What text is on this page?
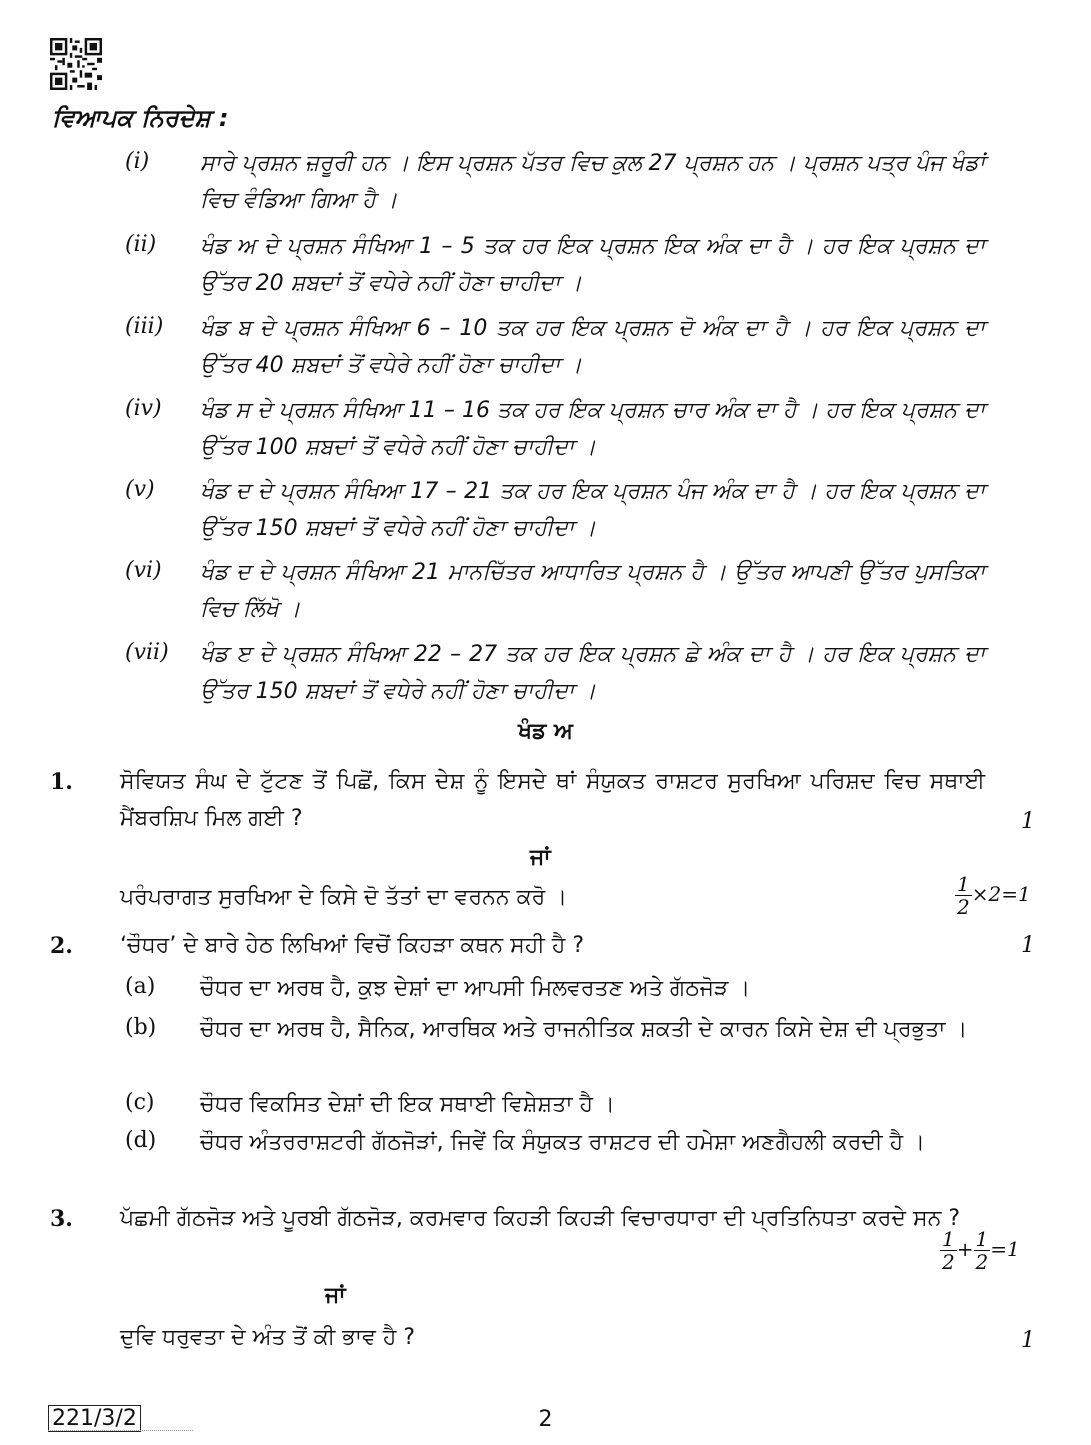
ਵਿਆਪਕ ਨਿਰਦੇਸ਼ :
(i)	ਸਾਰੇ ਪ੍ਰਸ਼ਨ ਜ਼ਰੂਰੀ ਹਨ । ਇਸ ਪ੍ਰਸ਼ਨ ਪੱਤਰ ਵਿਚ ਕੁਲ 27 ਪ੍ਰਸ਼ਨ ਹਨ । ਪ੍ਰਸ਼ਨ ਪਤ੍ਰ ਪੰਜ ਖੰਡਾਂ ਵਿਚ ਵੰਡਿਆ ਗਿਆ ਹੈ ।
(ii)	ਖੰਡ ਅ ਦੇ ਪ੍ਰਸ਼ਨ ਸੰਖਿਆ 1 – 5 ਤਕ ਹਰ ਇਕ ਪ੍ਰਸ਼ਨ ਇਕ ਅੰਕ ਦਾ ਹੈ । ਹਰ ਇਕ ਪ੍ਰਸ਼ਨ ਦਾ ਉੱਤਰ 20 ਸ਼ਬਦਾਂ ਤੋਂ ਵਧੇਰੇ ਨਹੀਂ ਹੋਣਾ ਚਾਹੀਦਾ ।
(iii)	ਖੰਡ ਬ ਦੇ ਪ੍ਰਸ਼ਨ ਸੰਖਿਆ 6 – 10 ਤਕ ਹਰ ਇਕ ਪ੍ਰਸ਼ਨ ਦੋ ਅੰਕ ਦਾ ਹੈ । ਹਰ ਇਕ ਪ੍ਰਸ਼ਨ ਦਾ ਉੱਤਰ 40 ਸ਼ਬਦਾਂ ਤੋਂ ਵਧੇਰੇ ਨਹੀਂ ਹੋਣਾ ਚਾਹੀਦਾ ।
(iv)	ਖੰਡ ਸ ਦੇ ਪ੍ਰਸ਼ਨ ਸੰਖਿਆ 11 – 16 ਤਕ ਹਰ ਇਕ ਪ੍ਰਸ਼ਨ ਚਾਰ ਅੰਕ ਦਾ ਹੈ । ਹਰ ਇਕ ਪ੍ਰਸ਼ਨ ਦਾ ਉੱਤਰ 100 ਸ਼ਬਦਾਂ ਤੋਂ ਵਧੇਰੇ ਨਹੀਂ ਹੋਣਾ ਚਾਹੀਦਾ ।
(v)	ਖੰਡ ਦ ਦੇ ਪ੍ਰਸ਼ਨ ਸੰਖਿਆ 17 – 21 ਤਕ ਹਰ ਇਕ ਪ੍ਰਸ਼ਨ ਪੰਜ ਅੰਕ ਦਾ ਹੈ । ਹਰ ਇਕ ਪ੍ਰਸ਼ਨ ਦਾ ਉੱਤਰ 150 ਸ਼ਬਦਾਂ ਤੋਂ ਵਧੇਰੇ ਨਹੀਂ ਹੋਣਾ ਚਾਹੀਦਾ ।
(vi)	ਖੰਡ ਦ ਦੇ ਪ੍ਰਸ਼ਨ ਸੰਖਿਆ 21 ਮਾਨਚਿੱਤਰ ਆਧਾਰਿਤ ਪ੍ਰਸ਼ਨ ਹੈ । ਉੱਤਰ ਆਪਣੀ ਉੱਤਰ ਪੁਸਤਿਕਾ ਵਿਚ ਲਿੱਖੋ ।
(vii)	ਖੰਡ ੲ ਦੇ ਪ੍ਰਸ਼ਨ ਸੰਖਿਆ 22 – 27 ਤਕ ਹਰ ਇਕ ਪ੍ਰਸ਼ਨ ਛੇ ਅੰਕ ਦਾ ਹੈ । ਹਰ ਇਕ ਪ੍ਰਸ਼ਨ ਦਾ ਉੱਤਰ 150 ਸ਼ਬਦਾਂ ਤੋਂ ਵਧੇਰੇ ਨਹੀਂ ਹੋਣਾ ਚਾਹੀਦਾ ।
ਖੰਡ ਅ
1.	ਸੋਵਿਯਤ ਸੰਘ ਦੇ ਟੁੱਟਣ ਤੋਂ ਪਿਛੋਂ, ਕਿਸ ਦੇਸ਼ ਨੂੰ ਇਸਦੇ ਥਾਂ ਸੰਯੁਕਤ ਰਾਸ਼ਟਰ ਸੁਰਖਿਆ ਪਰਿਸ਼ਦ ਵਿਚ ਸਥਾਈ ਮੈਂਬਰਸ਼ਿਪ ਮਿਲ ਗਈ ?	1
ਜਾਂ
ਪਰੰਪਰਾਗਤ ਸੁਰਖਿਆ ਦੇ ਕਿਸੇ ਦੋ ਤੱਤਾਂ ਦਾ ਵਰਨਨ ਕਰੋ ।	$\frac{1}{2} \times 2=1$
2.	‘ਚੌਧਰ’ ਦੇ ਬਾਰੇ ਹੇਠ ਲਿਖਿਆਂ ਵਿਚੋਂ ਕਿਹੜਾ ਕਥਨ ਸਹੀ ਹੈ ?	1
(a)	ਚੌਧਰ ਦਾ ਅਰਥ ਹੈ, ਕੁਝ ਦੇਸ਼ਾਂ ਦਾ ਆਪਸੀ ਮਿਲਵਰਤਣ ਅਤੇ ਗੱਠਜੋੜ ।
(b)	ਚੌਧਰ ਦਾ ਅਰਥ ਹੈ, ਸੈਨਿਕ, ਆਰਥਿਕ ਅਤੇ ਰਾਜਨੀਤਿਕ ਸ਼ਕਤੀ ਦੇ ਕਾਰਨ ਕਿਸੇ ਦੇਸ਼ ਦੀ ਪ੍ਰਭੁਤਾ ।
(c)	ਚੌਧਰ ਵਿਕਸਿਤ ਦੇਸ਼ਾਂ ਦੀ ਇਕ ਸਥਾਈ ਵਿਸ਼ੇਸ਼ਤਾ ਹੈ ।
(d)	ਚੌਧਰ ਅੰਤਰਰਾਸ਼ਟਰੀ ਗੱਠਜੋੜਾਂ, ਜਿਵੇਂ ਕਿ ਸੰਯੁਕਤ ਰਾਸ਼ਟਰ ਦੀ ਹਮੇਸ਼ਾ ਅਣਗੈਹਲੀ ਕਰਦੀ ਹੈ ।
3.	ਪੱਛਮੀ ਗੱਠਜੋੜ ਅਤੇ ਪੂਰਬੀ ਗੱਠਜੋੜ, ਕਰਮਵਾਰ ਕਿਹੜੀ ਕਿਹੜੀ ਵਿਚਾਰਧਾਰਾ ਦੀ ਪ੍ਰਤਿਨਿਧਤਾ ਕਰਦੇ ਸਨ ?
$\frac{1}{2} + \frac{1}{2} =1$
ਜਾਂ
ਦੁਵਿ ਧਰੁਵਤਾ ਦੇ ਅੰਤ ਤੋਂ ਕੀ ਭਾਵ ਹੈ ?	1
221/3/2	2
